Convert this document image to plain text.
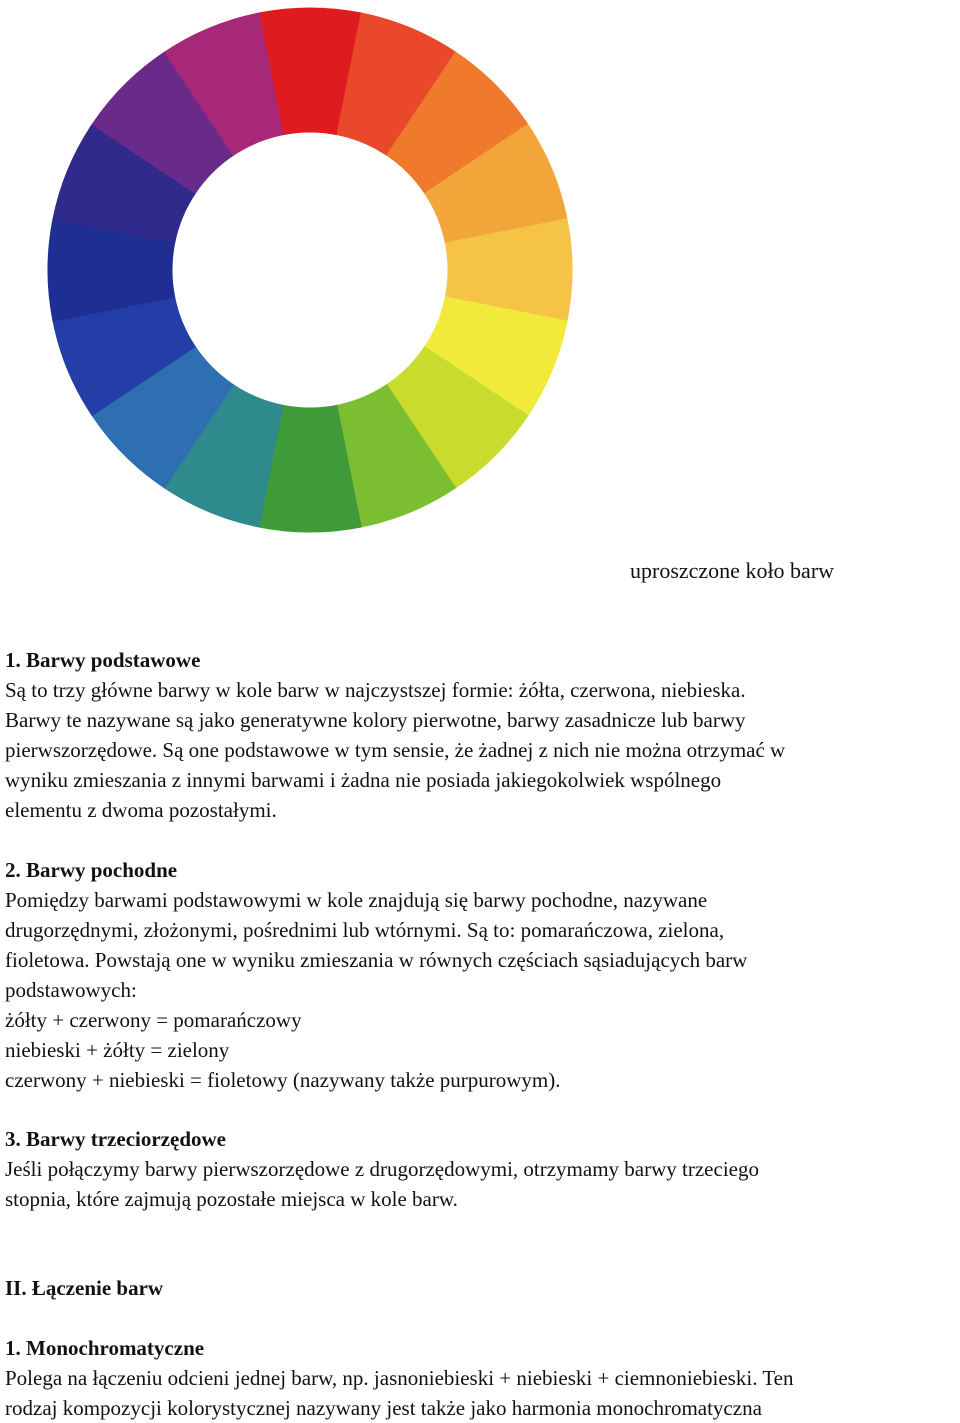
uproszczone koło barw
1. Barwy podstawowe
Są to trzy główne barwy w kole barw w najczystszej formie: żółta, czerwona, niebieska.
Barwy te nazywane są jako generatywne kolory pierwotne, barwy zasadnicze lub barwy
pierwszorzędowe. Są one podstawowe w tym sensie, że żadnej z nich nie można otrzymać w
wyniku zmieszania z innymi barwami i żadna nie posiada jakiegokolwiek wspólnego
elementu z dwoma pozostałymi.
2. Barwy pochodne
Pomiędzy barwami podstawowymi w kole znajdują się barwy pochodne, nazywane
drugorzędnymi, złożonymi, pośrednimi lub wtórnymi. Są to: pomarańczowa, zielona,
fioletowa. Powstają one w wyniku zmieszania w równych częściach sąsiadujących barw
podstawowych:
żółty + czerwony = pomarańczowy
niebieski + żółty = zielony
czerwony + niebieski = fioletowy (nazywany także purpurowym).
3. Barwy trzeciorzędowe
Jeśli połączymy barwy pierwszorzędowe z drugorzędowymi, otrzymamy barwy trzeciego
stopnia, które zajmują pozostałe miejsca w kole barw.
II. Łączenie barw
1. Monochromatyczne
Polega na łączeniu odcieni jednej barw, np. jasnoniebieski + niebieski + ciemnoniebieski. Ten
rodzaj kompozycji kolorystycznej nazywany jest także jako harmonia monochromatyczna
